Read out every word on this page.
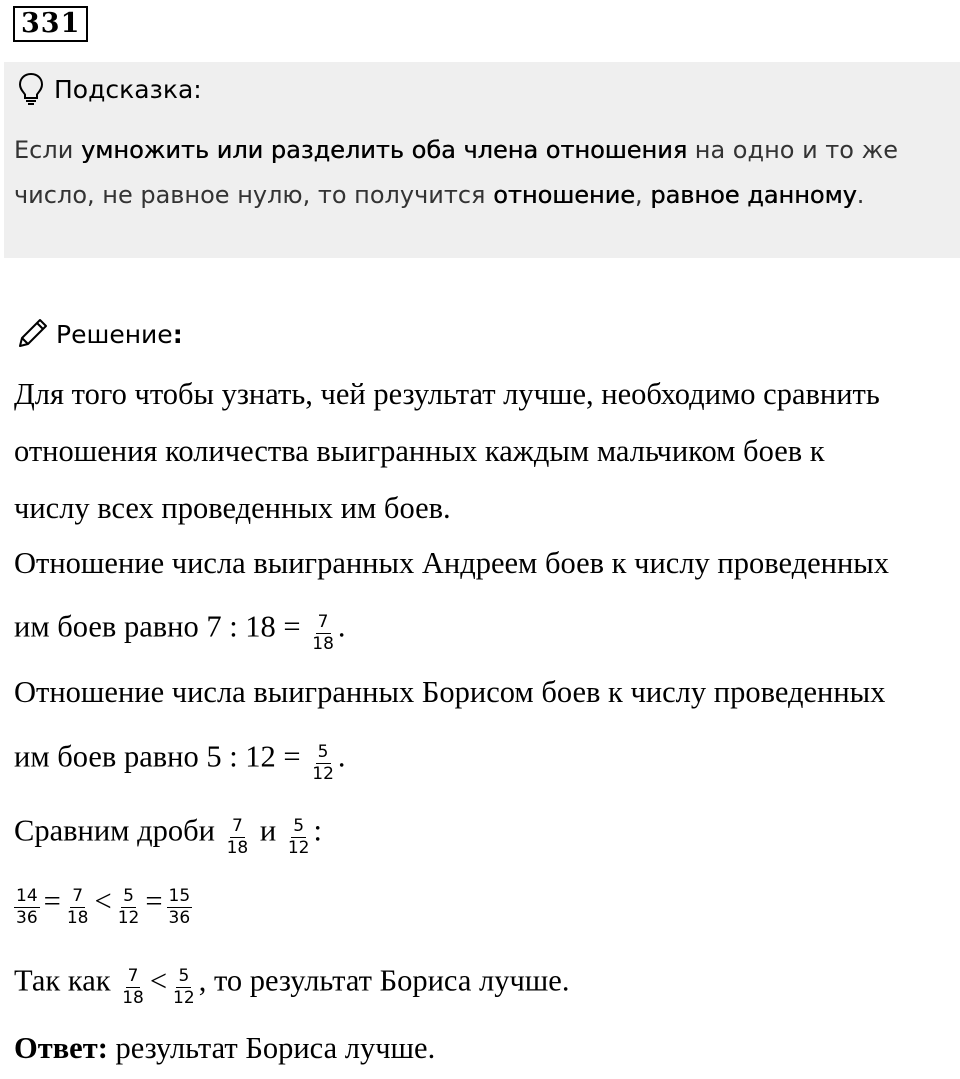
331
Подсказка:
Если умножить или разделить оба члена отношения на одно и то же
число, не равное нулю, то получится отношение, равное данному.
Решение :
Для того чтобы узнать, чей результат лучше, необходимо сравнить
отношения количества выигранных каждым мальчиком боев к
числу всех проведенных им боев.
Отношение числа выигранных Андреем боев к числу проведенных
им боев равно 7 : $18 = \frac{7}{18}$ .
Отношение числа выигранных Борисом боев к числу проведенных
им боев равно 5 : $12 = \frac{5}{12}$ .
Сравним дроби $\frac{7}{18}$ и $\frac{5}{12}$ :
$\frac{14}{36} = \frac{7}{18} < \frac{5}{12} = \frac{15}{36}$
Так как $\frac{7}{18} < \frac{5}{12}$ , то результат Бориса лучше.
Ответ: результат Бориса лучше.
